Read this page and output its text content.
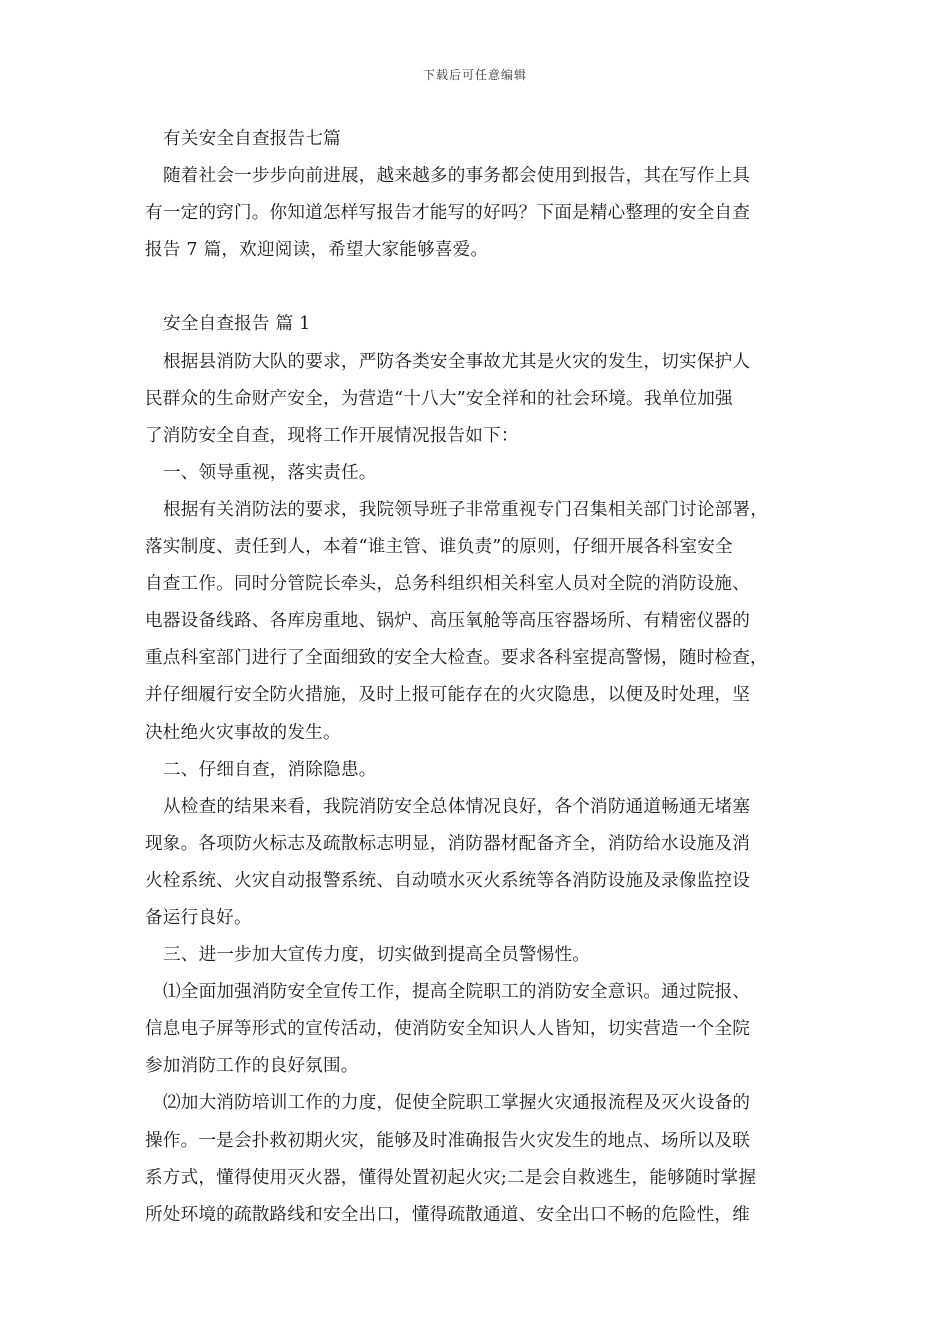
下载后可任意编辑
有关安全自查报告七篇
随着社会一步步向前进展，越来越多的事务都会使用到报告，其在写作上具
有一定的窍门。你知道怎样写报告才能写的好吗？下面是精心整理的安全自查
报告 7 篇，欢迎阅读，希望大家能够喜爱。
安全自查报告 篇 1
根据县消防大队的要求，严防各类安全事故尤其是火灾的发生，切实保护人
民群众的生命财产安全，为营造“十八大”安全祥和的社会环境。我单位加强
了消防安全自查，现将工作开展情况报告如下：
一、领导重视，落实责任。
根据有关消防法的要求，我院领导班子非常重视专门召集相关部门讨论部署，
落实制度、责任到人，本着“谁主管、谁负责”的原则，仔细开展各科室安全
自查工作。同时分管院长牵头，总务科组织相关科室人员对全院的消防设施、
电器设备线路、各库房重地、锅炉、高压氧舱等高压容器场所、有精密仪器的
重点科室部门进行了全面细致的安全大检查。要求各科室提高警惕，随时检查，
并仔细履行安全防火措施，及时上报可能存在的火灾隐患，以便及时处理，坚
决杜绝火灾事故的发生。
二、仔细自查，消除隐患。
从检查的结果来看，我院消防安全总体情况良好，各个消防通道畅通无堵塞
现象。各项防火标志及疏散标志明显，消防器材配备齐全，消防给水设施及消
火栓系统、火灾自动报警系统、自动喷水灭火系统等各消防设施及录像监控设
备运行良好。
三、进一步加大宣传力度，切实做到提高全员警惕性。
⑴全面加强消防安全宣传工作，提高全院职工的消防安全意识。通过院报、
信息电子屏等形式的宣传活动，使消防安全知识人人皆知，切实营造一个全院
参加消防工作的良好氛围。
⑵加大消防培训工作的力度，促使全院职工掌握火灾通报流程及灭火设备的
操作。一是会扑救初期火灾，能够及时准确报告火灾发生的地点、场所以及联
系方式，懂得使用灭火器，懂得处置初起火灾;二是会自救逃生，能够随时掌握
所处环境的疏散路线和安全出口，懂得疏散通道、安全出口不畅的危险性，维
